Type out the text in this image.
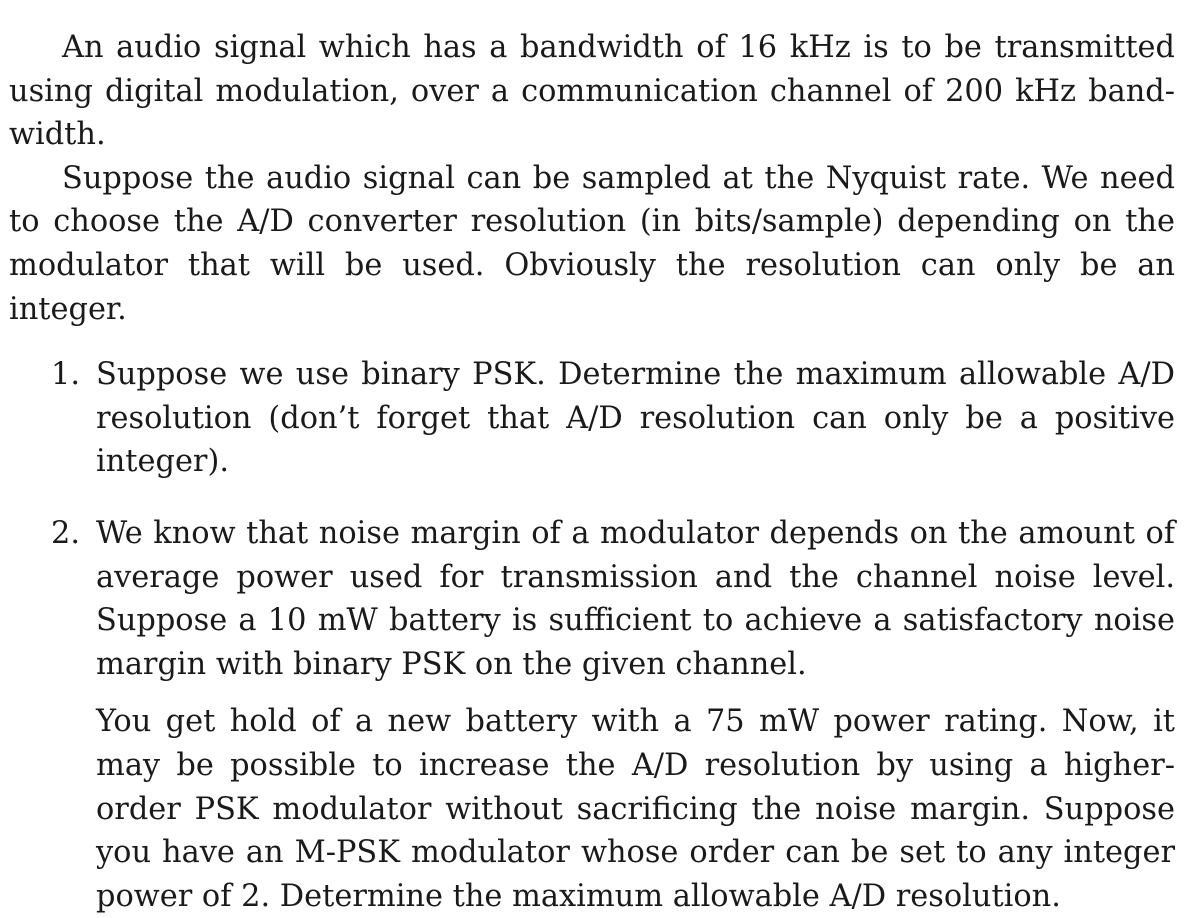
An audio signal which has a bandwidth of 16 kHz is to be transmitted using digital modulation, over a communication channel of 200 kHz bandwidth.

Suppose the audio signal can be sampled at the Nyquist rate. We need to choose the A/D converter resolution (in bits/sample) depending on the modulator that will be used. Obviously the resolution can only be an integer.

1. Suppose we use binary PSK. Determine the maximum allowable A/D resolution (don’t forget that A/D resolution can only be a positive integer).

2. We know that noise margin of a modulator depends on the amount of average power used for transmission and the channel noise level. Suppose a 10 mW battery is sufficient to achieve a satisfactory noise margin with binary PSK on the given channel.

You get hold of a new battery with a 75 mW power rating. Now, it may be possible to increase the A/D resolution by using a higher-order PSK modulator without sacrificing the noise margin. Suppose you have an M-PSK modulator whose order can be set to any integer power of 2. Determine the maximum allowable A/D resolution.
